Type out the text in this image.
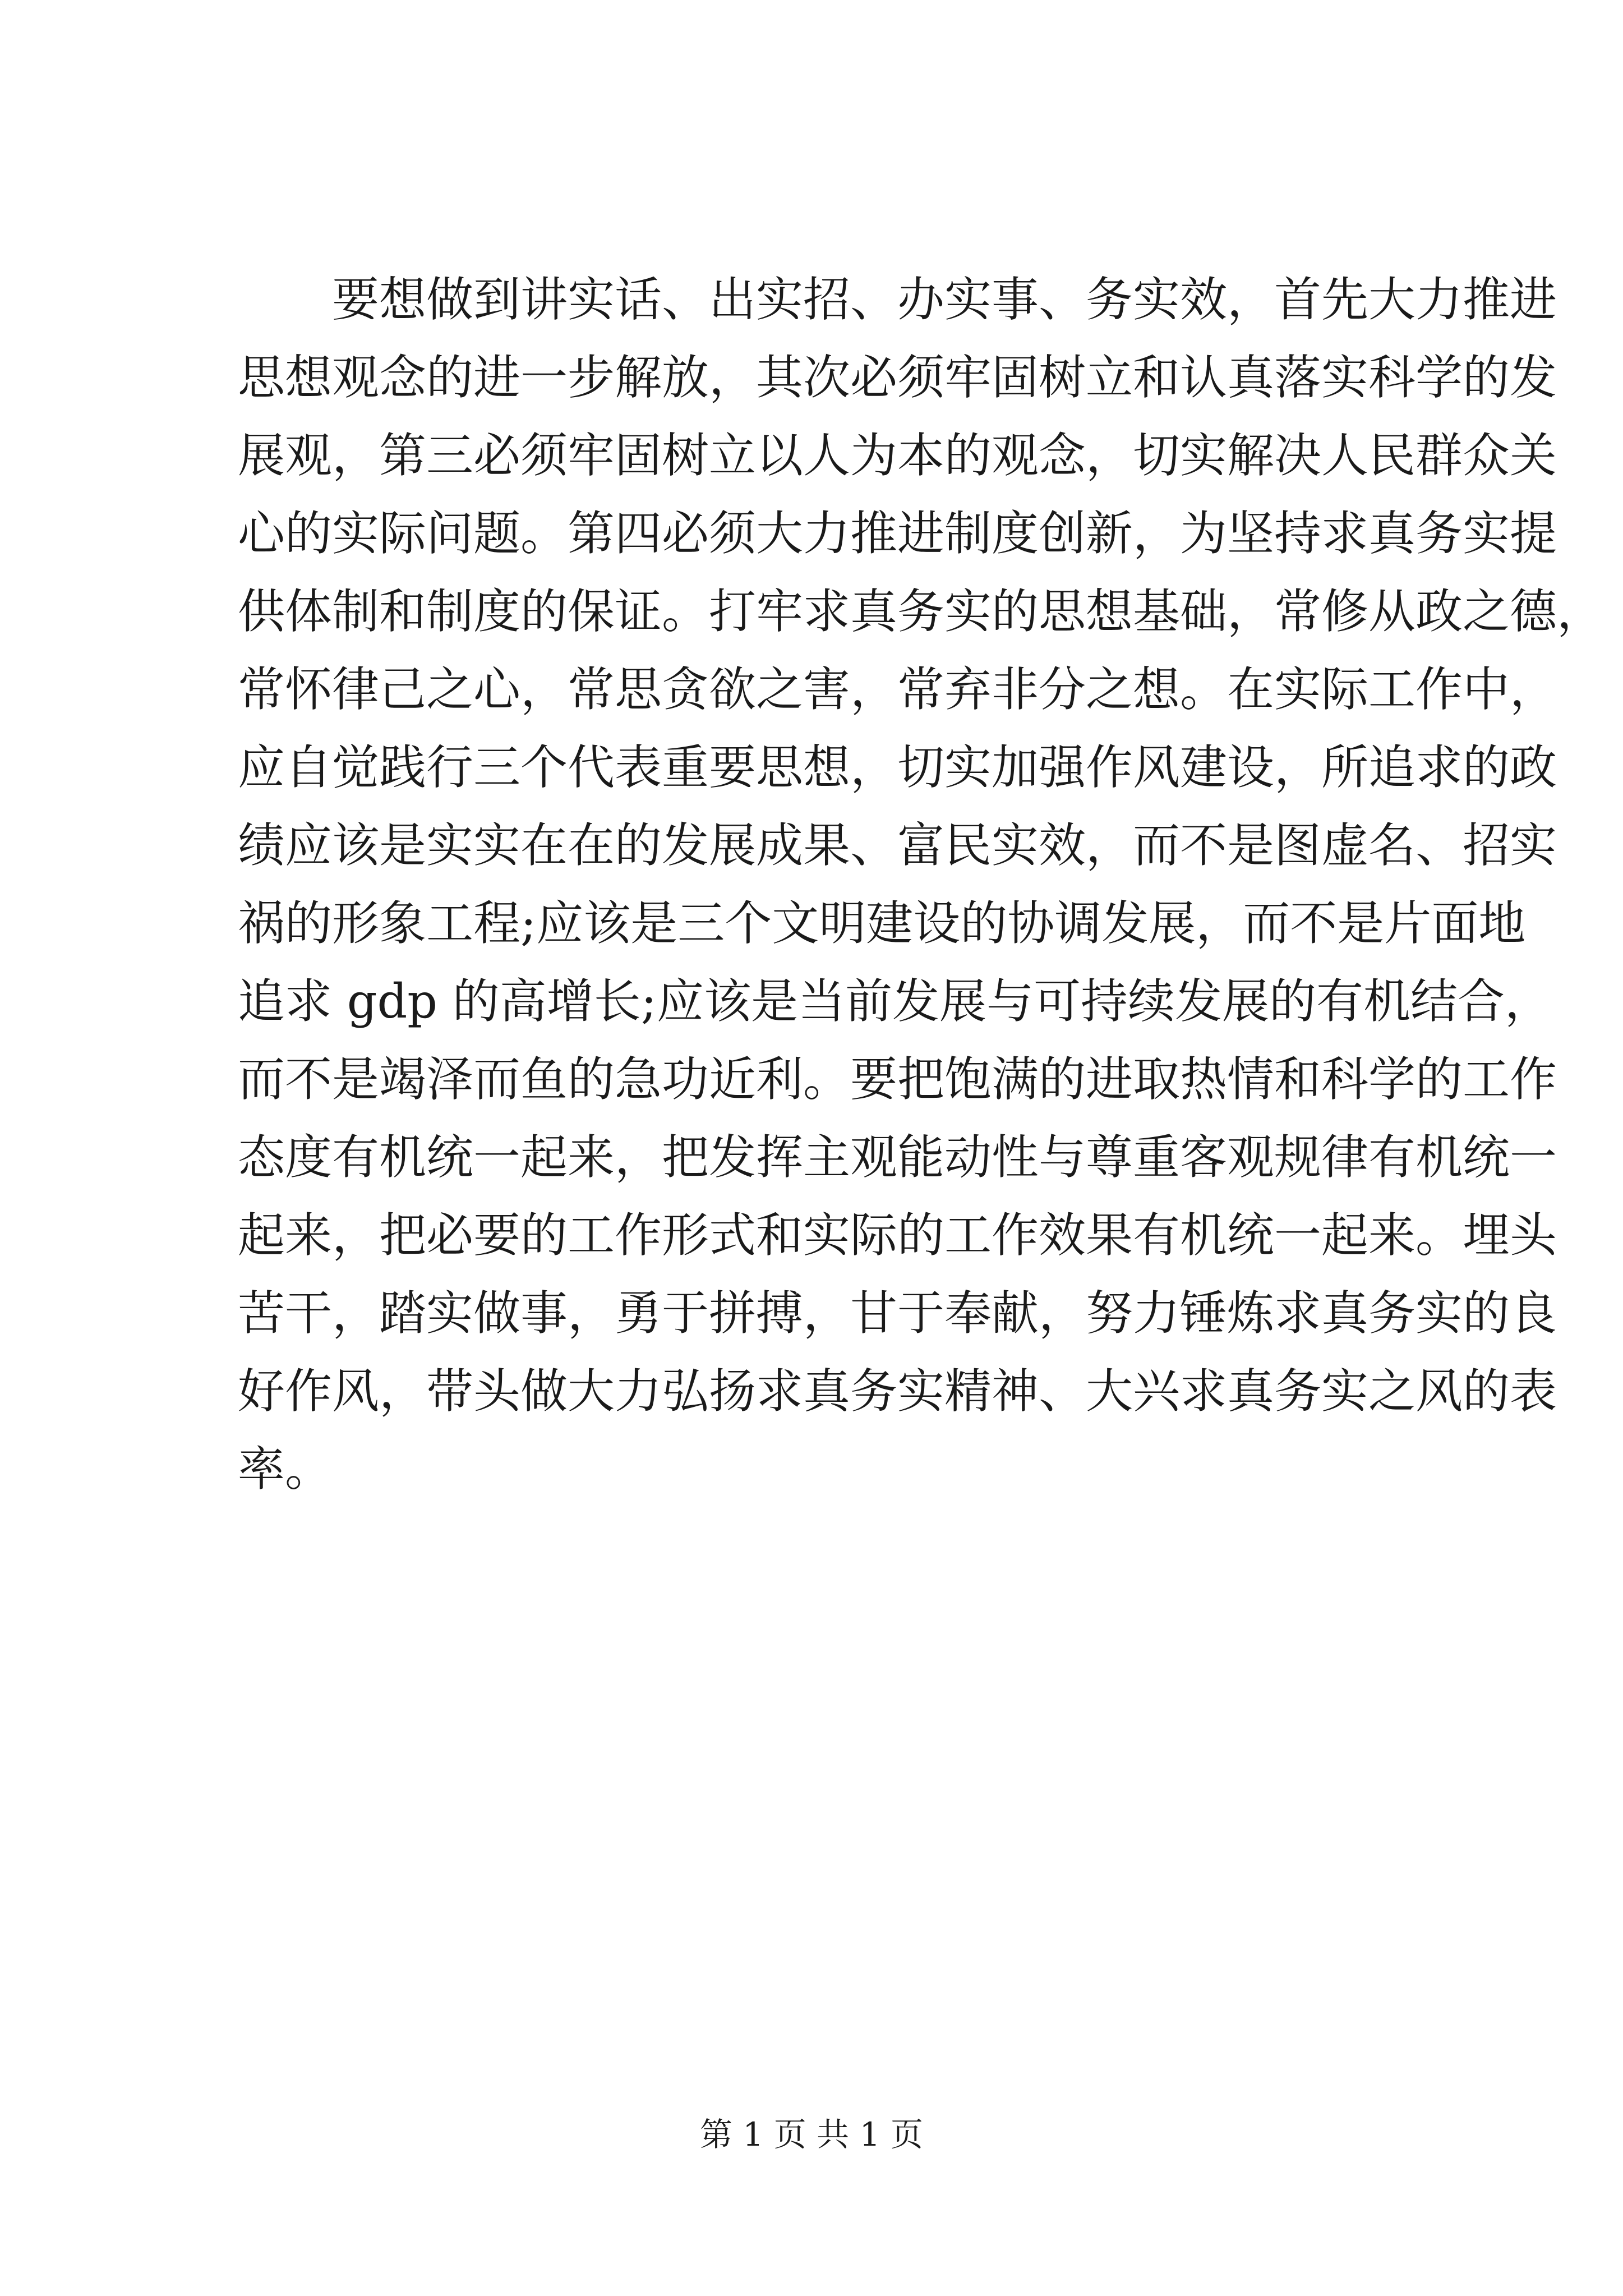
要想做到讲实话、出实招、办实事、务实效，首先大力推进
思想观念的进一步解放，其次必须牢固树立和认真落实科学的发
展观，第三必须牢固树立以人为本的观念，切实解决人民群众关
心的实际问题。第四必须大力推进制度创新，为坚持求真务实提
供体制和制度的保证。打牢求真务实的思想基础，常修从政之德，
常怀律己之心，常思贪欲之害，常弃非分之想。在实际工作中，
应自觉践行三个代表重要思想，切实加强作风建设，所追求的政
绩应该是实实在在的发展成果、富民实效，而不是图虚名、招实
祸的形象工程;应该是三个文明建设的协调发展，而不是片面地
追求 gdp 的高增长;应该是当前发展与可持续发展的有机结合，
而不是竭泽而鱼的急功近利。要把饱满的进取热情和科学的工作
态度有机统一起来，把发挥主观能动性与尊重客观规律有机统一
起来，把必要的工作形式和实际的工作效果有机统一起来。埋头
苦干，踏实做事，勇于拼搏，甘于奉献，努力锤炼求真务实的良
好作风，带头做大力弘扬求真务实精神、大兴求真务实之风的表
率。
第 1 页 共 1 页
